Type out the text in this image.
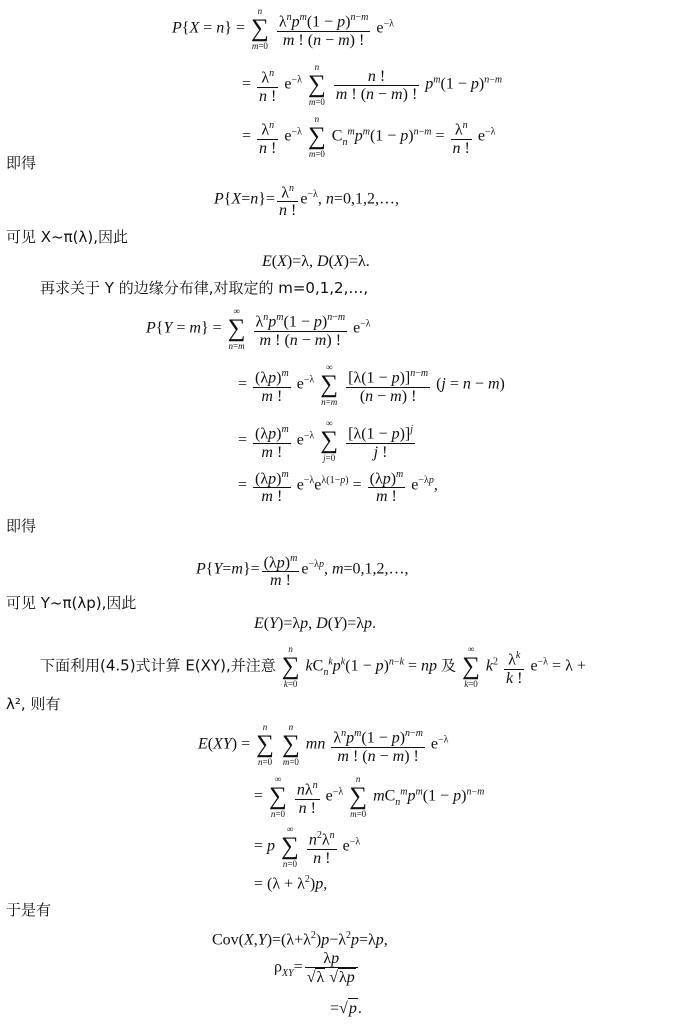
P{X = n} =
n
∑
m=0

$\lambda^np^m(1 - p)^{n-m}$
m ! (n − m) !
$e^{-\lambda}$
= $\frac{\lambda^n}{n !} e^{-\lambda}$
n
∑
m=0
$\frac{n !}{m ! (n - m) !} p^m(1 - p)^{n-m}$
= $\frac{\lambda^n}{n !} e^{-\lambda}$
n
∑
m=0
$C_n^mp^m(1 - p)^{n-m} = \frac{\lambda^n}{n !} e^{-\lambda}$
即得
$P\{X=n\}= \frac{\lambda^n}{n !} e^{-\lambda}$, n=0,1,2,…,
可见 X~π(λ),因此
E(X)=λ, D(X)=λ.
再求关于 Y 的边缘分布律,对取定的 m=0,1,2,…,
P{Y = m} =
∞
∑
n=m

$\lambda^np^m(1 - p)^{n-m}$
m ! (n − m) !
$e^{-\lambda}$
= $\frac{(\lambda p)^m}{m !} e^{-\lambda}$
∞
∑
n=m
$\frac{[\lambda(1 - p)]^{n-m}}{(n - m) !} (j = n - m)$
= $\frac{(\lambda p)^m}{m !} e^{-\lambda}$
∞
∑
j=0
$\frac{[\lambda(1 - p)]^j}{j !}$
= $\frac{(\lambda p)^m}{m !} e^{-\lambda}e^{\lambda(1-p)} = \frac{(\lambda p)^m}{m !} e^{-\lambda p}$,
即得
$P\{Y=m\}= \frac{(\lambda p)^m}{m !} e^{-\lambda p}$, m=0,1,2,…,
可见 Y~π(λp),因此
E(Y)=λp, D(Y)=λp.
下面利用(4.5)式计算 E(XY),并注意
n
∑
k=0
$kC_n^kp^k(1 - p)^{n-k}$ = np 及
∞
∑
k=0
$k^2 \frac{\lambda^k}{k !} e^{-\lambda} = \lambda$ +
λ², 则有
E(XY) =
n
∑
n=0

n
∑
m=0
mn $\lambda^np^m(1 - p)^{n-m}$
m ! (n − m) !
$e^{-\lambda}$
=
∞
∑
n=0

$n\lambda^n$
n !
$e^{-\lambda}$
n
∑
m=0
$mC_n^mp^m(1 - p)^{n-m}$
= p
∞
∑
n=0
$\frac{n^2\lambda^n}{n !} e^{-\lambda}$
= $(\lambda + \lambda^2)p$,
于是有
$Cov(X,Y)=(\lambda+\lambda^2)p-\lambda^2p=\lambda p$,
$\rho_{XY}= \frac{\lambda p}{√\lambda √\lambda p}$
=√p.
